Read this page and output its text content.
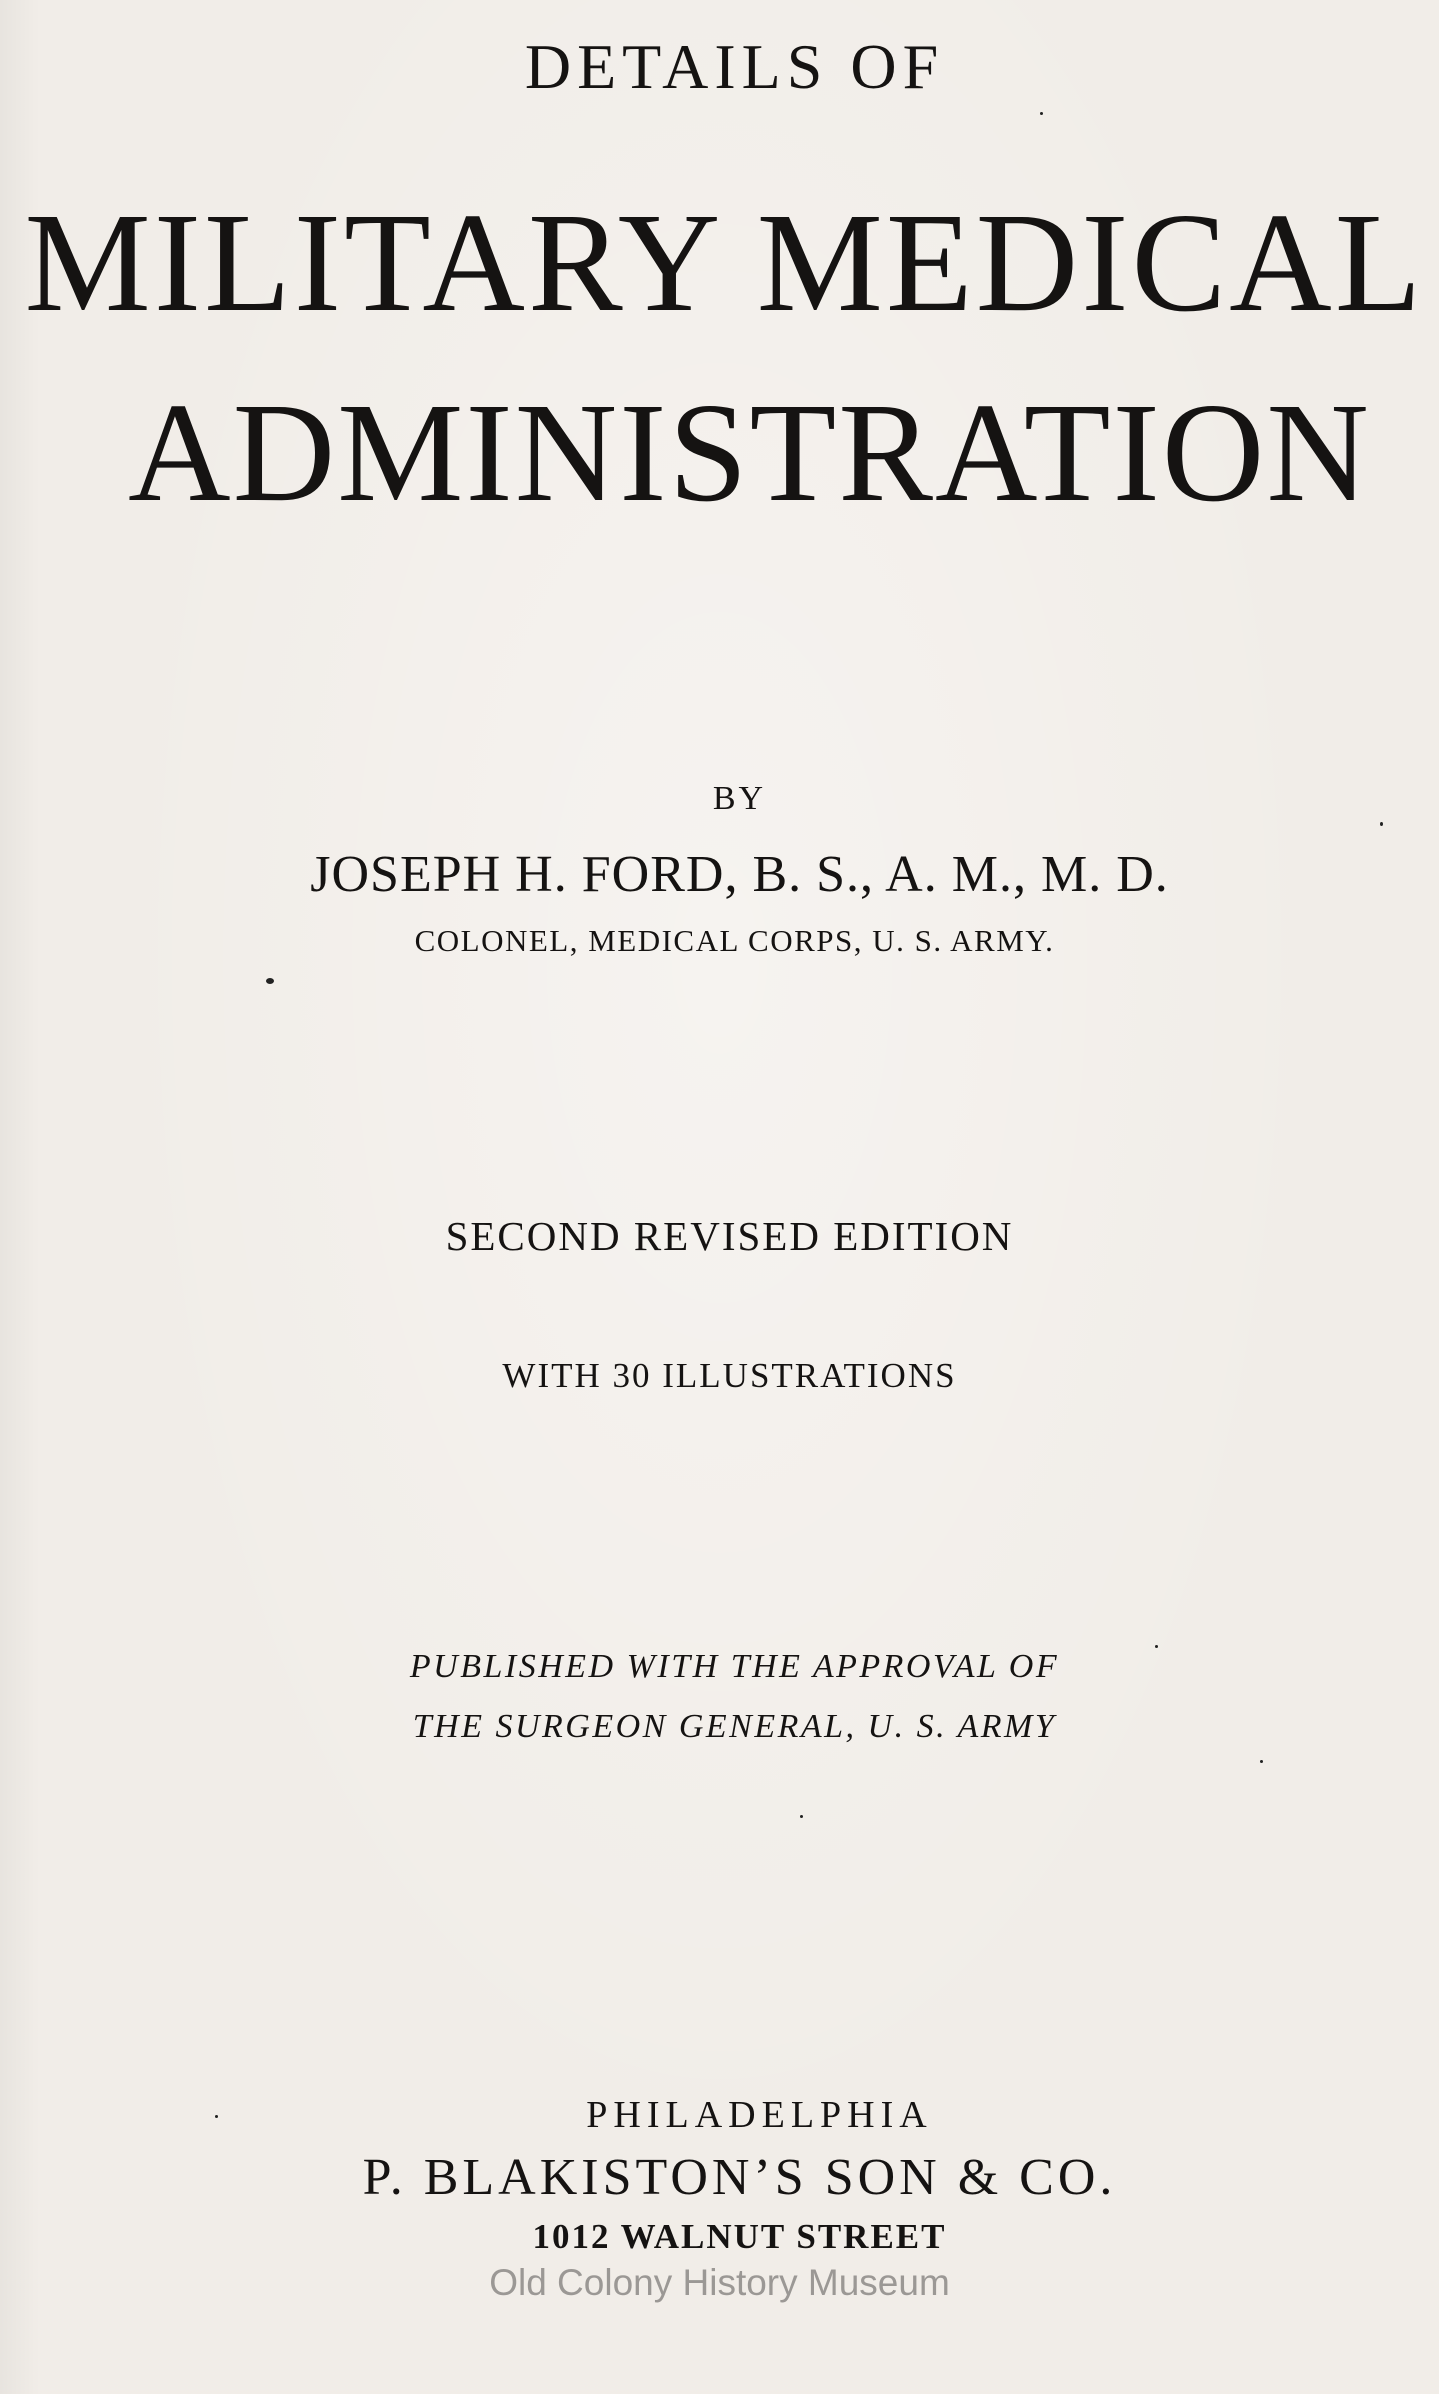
DETAILS OF
MILITARY MEDICAL
ADMINISTRATION

BY

JOSEPH H. FORD, B. S., A. M., M. D.

COLONEL, MEDICAL CORPS, U. S. ARMY.

SECOND REVISED EDITION

WITH 30 ILLUSTRATIONS

PUBLISHED WITH THE APPROVAL OF

THE SURGEON GENERAL, U. S. ARMY

PHILADELPHIA

P. BLAKISTON’S SON & CO.

1012 WALNUT STREET

Old Colony History Museum
